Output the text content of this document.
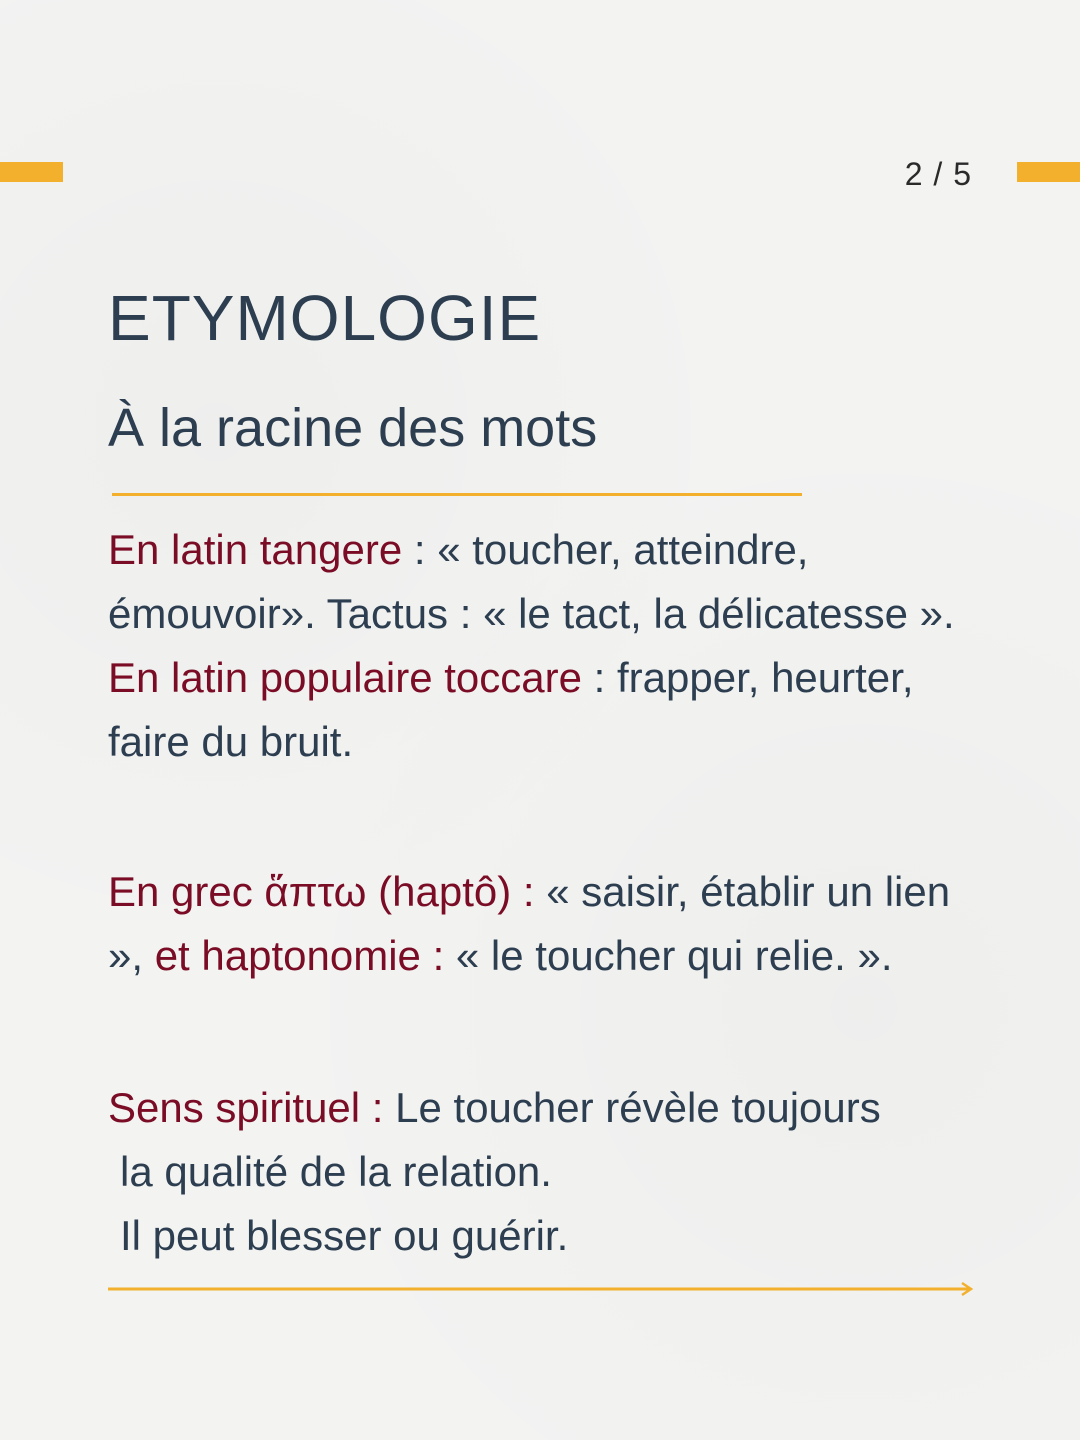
2 / 5
ETYMOLOGIE
À la racine des mots

En latin tangere : « toucher, atteindre, émouvoir». Tactus : « le tact, la délicatesse ».
En latin populaire toccare : frapper, heurter, faire du bruit.

En grec ἅπτω (haptô) : « saisir, établir un lien », et haptonomie : « le toucher qui relie. ».

Sens spirituel : Le toucher révèle toujours
la qualité de la relation.
Il peut blesser ou guérir.
